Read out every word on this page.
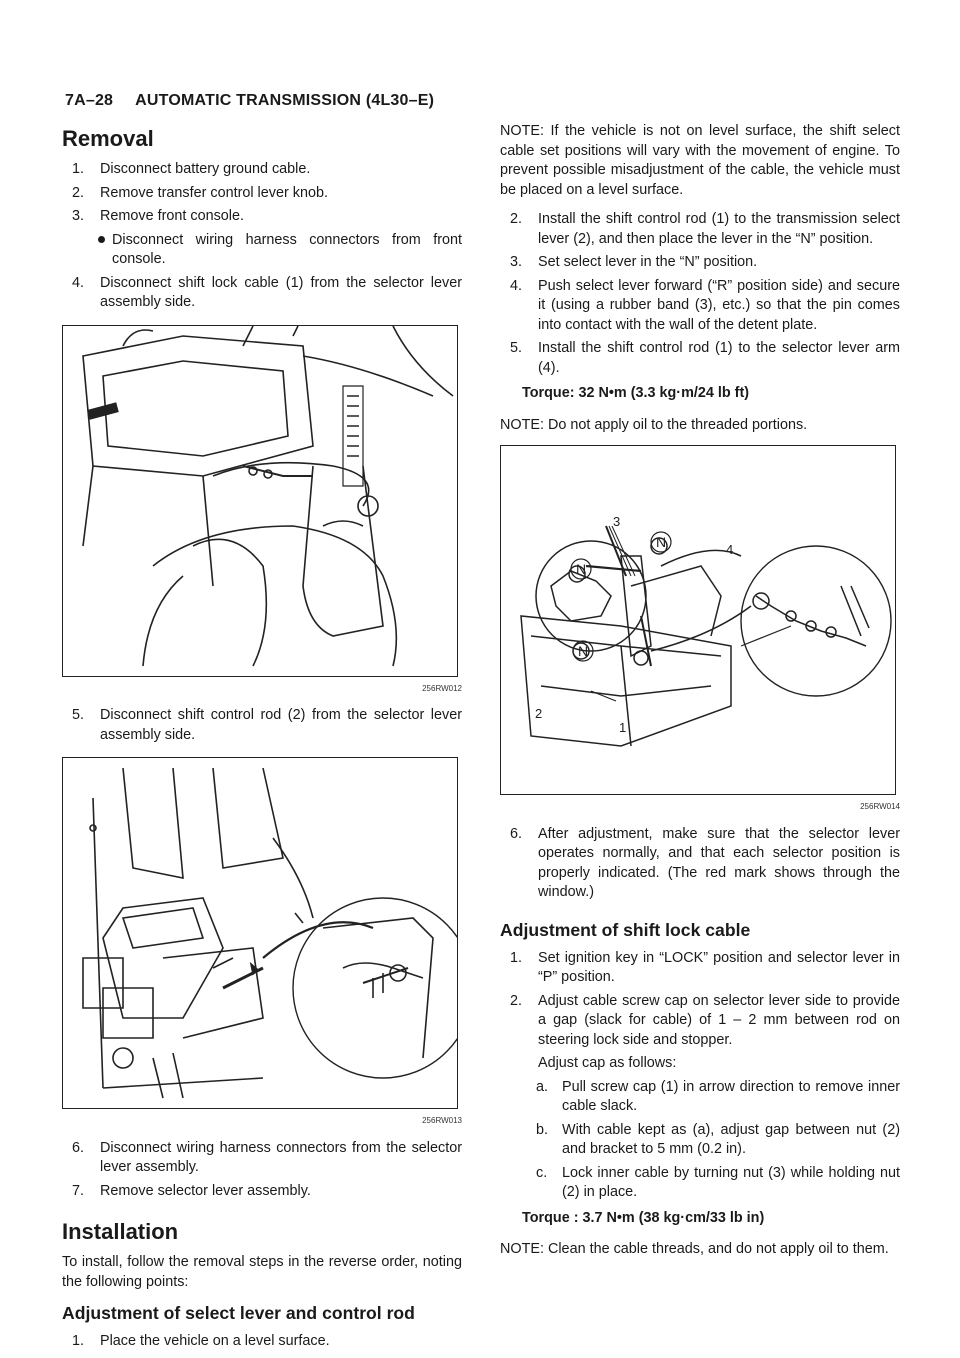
7A–28 AUTOMATIC TRANSMISSION (4L30–E)
Removal
1. Disconnect battery ground cable.
2. Remove transfer control lever knob.
3. Remove front console.
Disconnect wiring harness connectors from front console.
4. Disconnect shift lock cable (1) from the selector lever assembly side.
256RW012
5. Disconnect shift control rod (2) from the selector lever assembly side.
256RW013
6. Disconnect wiring harness connectors from the selector lever assembly.
7. Remove selector lever assembly.
Installation
To install, follow the removal steps in the reverse order, noting the following points:
Adjustment of select lever and control rod
1. Place the vehicle on a level surface.
NOTE: If the vehicle is not on level surface, the shift select cable set positions will vary with the movement of engine. To prevent possible misadjustment of the cable, the vehicle must be placed on a level surface.
2. Install the shift control rod (1) to the transmission select lever (2), and then place the lever in the “N” position.
3. Set select lever in the “N” position.
4. Push select lever forward (“R” position side) and secure it (using a rubber band (3), etc.) so that the pin comes into contact with the wall of the detent plate.
5. Install the shift control rod (1) to the selector lever arm (4).
Torque: 32 N•m (3.3 kg·m/24 lb ft)
NOTE: Do not apply oil to the threaded portions.
3
4
2
1
N
N
N
256RW014
6. After adjustment, make sure that the selector lever operates normally, and that each selector position is properly indicated. (The red mark shows through the window.)
Adjustment of shift lock cable
1. Set ignition key in “LOCK” position and selector lever in “P” position.
2. Adjust cable screw cap on selector lever side to provide a gap (slack for cable) of 1 – 2 mm between rod on steering lock side and stopper.
Adjust cap as follows:
a. Pull screw cap (1) in arrow direction to remove inner cable slack.
b. With cable kept as (a), adjust gap between nut (2) and bracket to 5 mm (0.2 in).
c. Lock inner cable by turning nut (3) while holding nut (2) in place.
Torque : 3.7 N•m (38 kg·cm/33 lb in)
NOTE: Clean the cable threads, and do not apply oil to them.
